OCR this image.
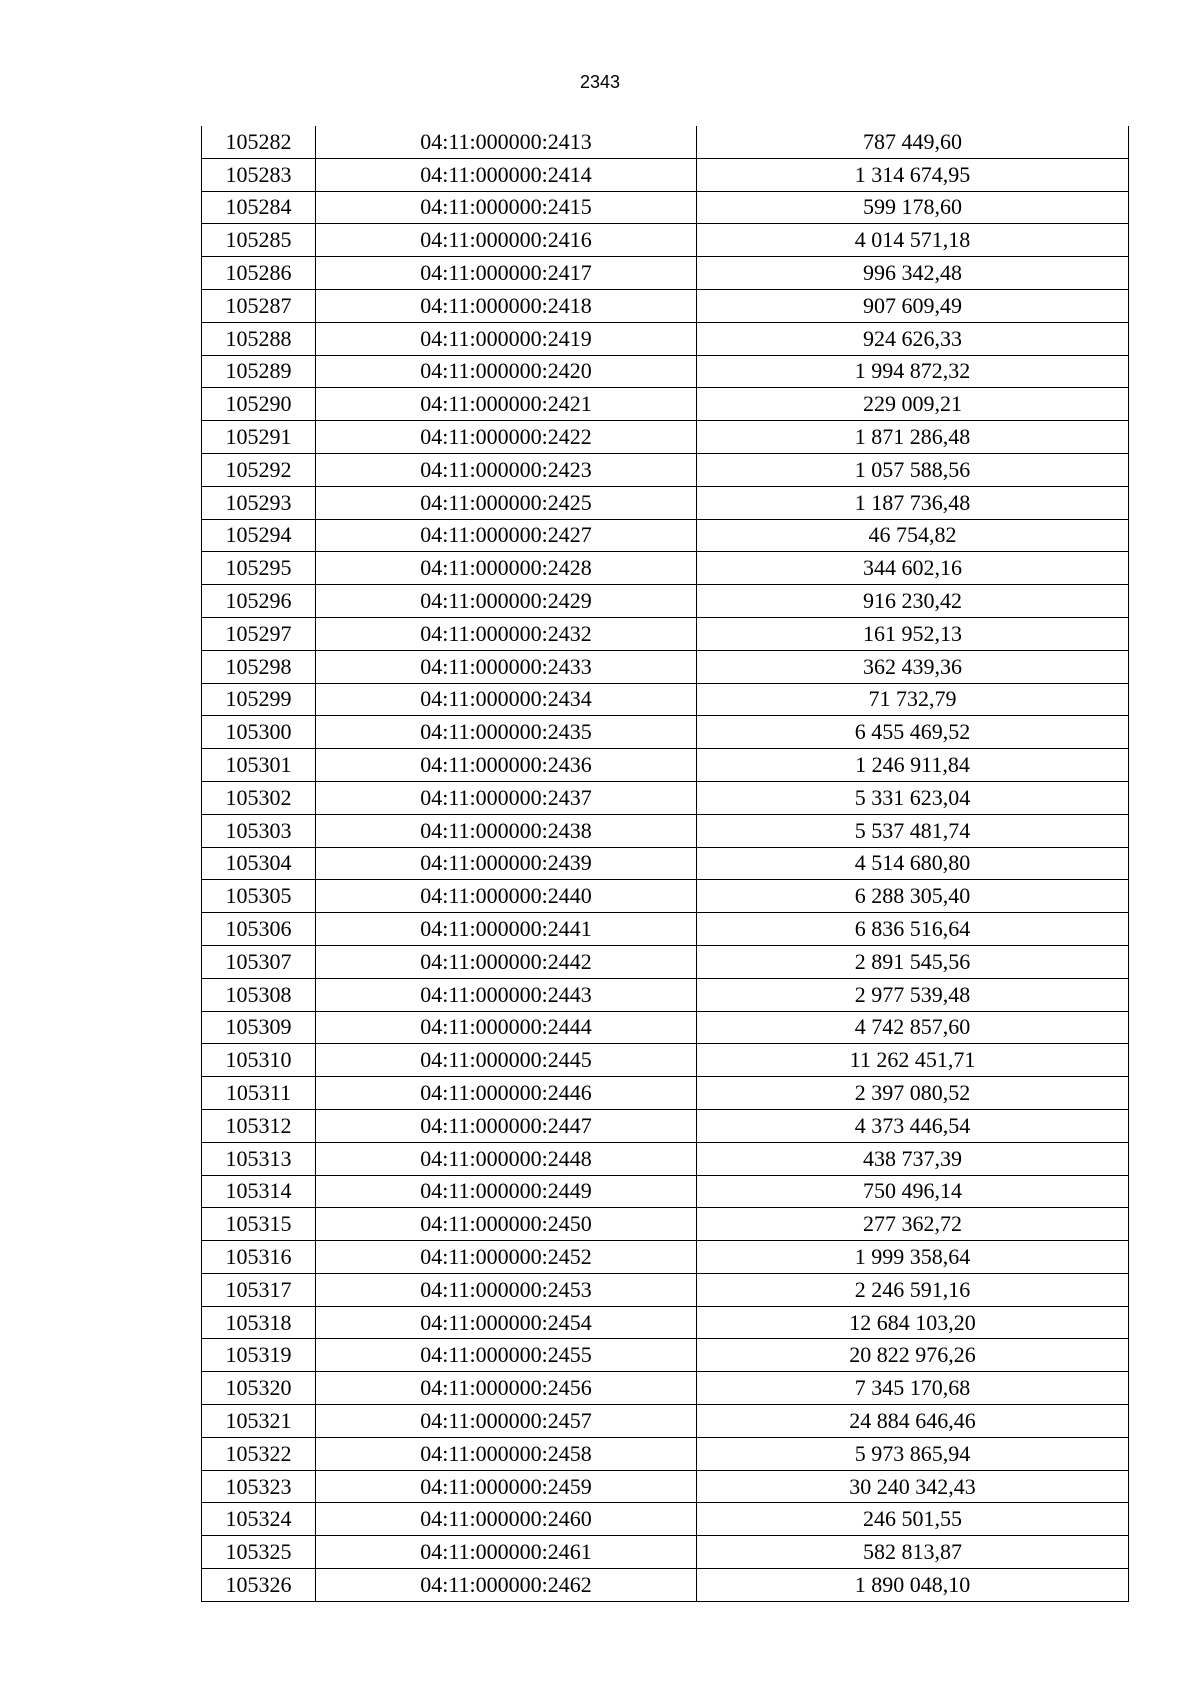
2343
105282	04:11:000000:2413	787 449,60
105283	04:11:000000:2414	1 314 674,95
105284	04:11:000000:2415	599 178,60
105285	04:11:000000:2416	4 014 571,18
105286	04:11:000000:2417	996 342,48
105287	04:11:000000:2418	907 609,49
105288	04:11:000000:2419	924 626,33
105289	04:11:000000:2420	1 994 872,32
105290	04:11:000000:2421	229 009,21
105291	04:11:000000:2422	1 871 286,48
105292	04:11:000000:2423	1 057 588,56
105293	04:11:000000:2425	1 187 736,48
105294	04:11:000000:2427	46 754,82
105295	04:11:000000:2428	344 602,16
105296	04:11:000000:2429	916 230,42
105297	04:11:000000:2432	161 952,13
105298	04:11:000000:2433	362 439,36
105299	04:11:000000:2434	71 732,79
105300	04:11:000000:2435	6 455 469,52
105301	04:11:000000:2436	1 246 911,84
105302	04:11:000000:2437	5 331 623,04
105303	04:11:000000:2438	5 537 481,74
105304	04:11:000000:2439	4 514 680,80
105305	04:11:000000:2440	6 288 305,40
105306	04:11:000000:2441	6 836 516,64
105307	04:11:000000:2442	2 891 545,56
105308	04:11:000000:2443	2 977 539,48
105309	04:11:000000:2444	4 742 857,60
105310	04:11:000000:2445	11 262 451,71
105311	04:11:000000:2446	2 397 080,52
105312	04:11:000000:2447	4 373 446,54
105313	04:11:000000:2448	438 737,39
105314	04:11:000000:2449	750 496,14
105315	04:11:000000:2450	277 362,72
105316	04:11:000000:2452	1 999 358,64
105317	04:11:000000:2453	2 246 591,16
105318	04:11:000000:2454	12 684 103,20
105319	04:11:000000:2455	20 822 976,26
105320	04:11:000000:2456	7 345 170,68
105321	04:11:000000:2457	24 884 646,46
105322	04:11:000000:2458	5 973 865,94
105323	04:11:000000:2459	30 240 342,43
105324	04:11:000000:2460	246 501,55
105325	04:11:000000:2461	582 813,87
105326	04:11:000000:2462	1 890 048,10
